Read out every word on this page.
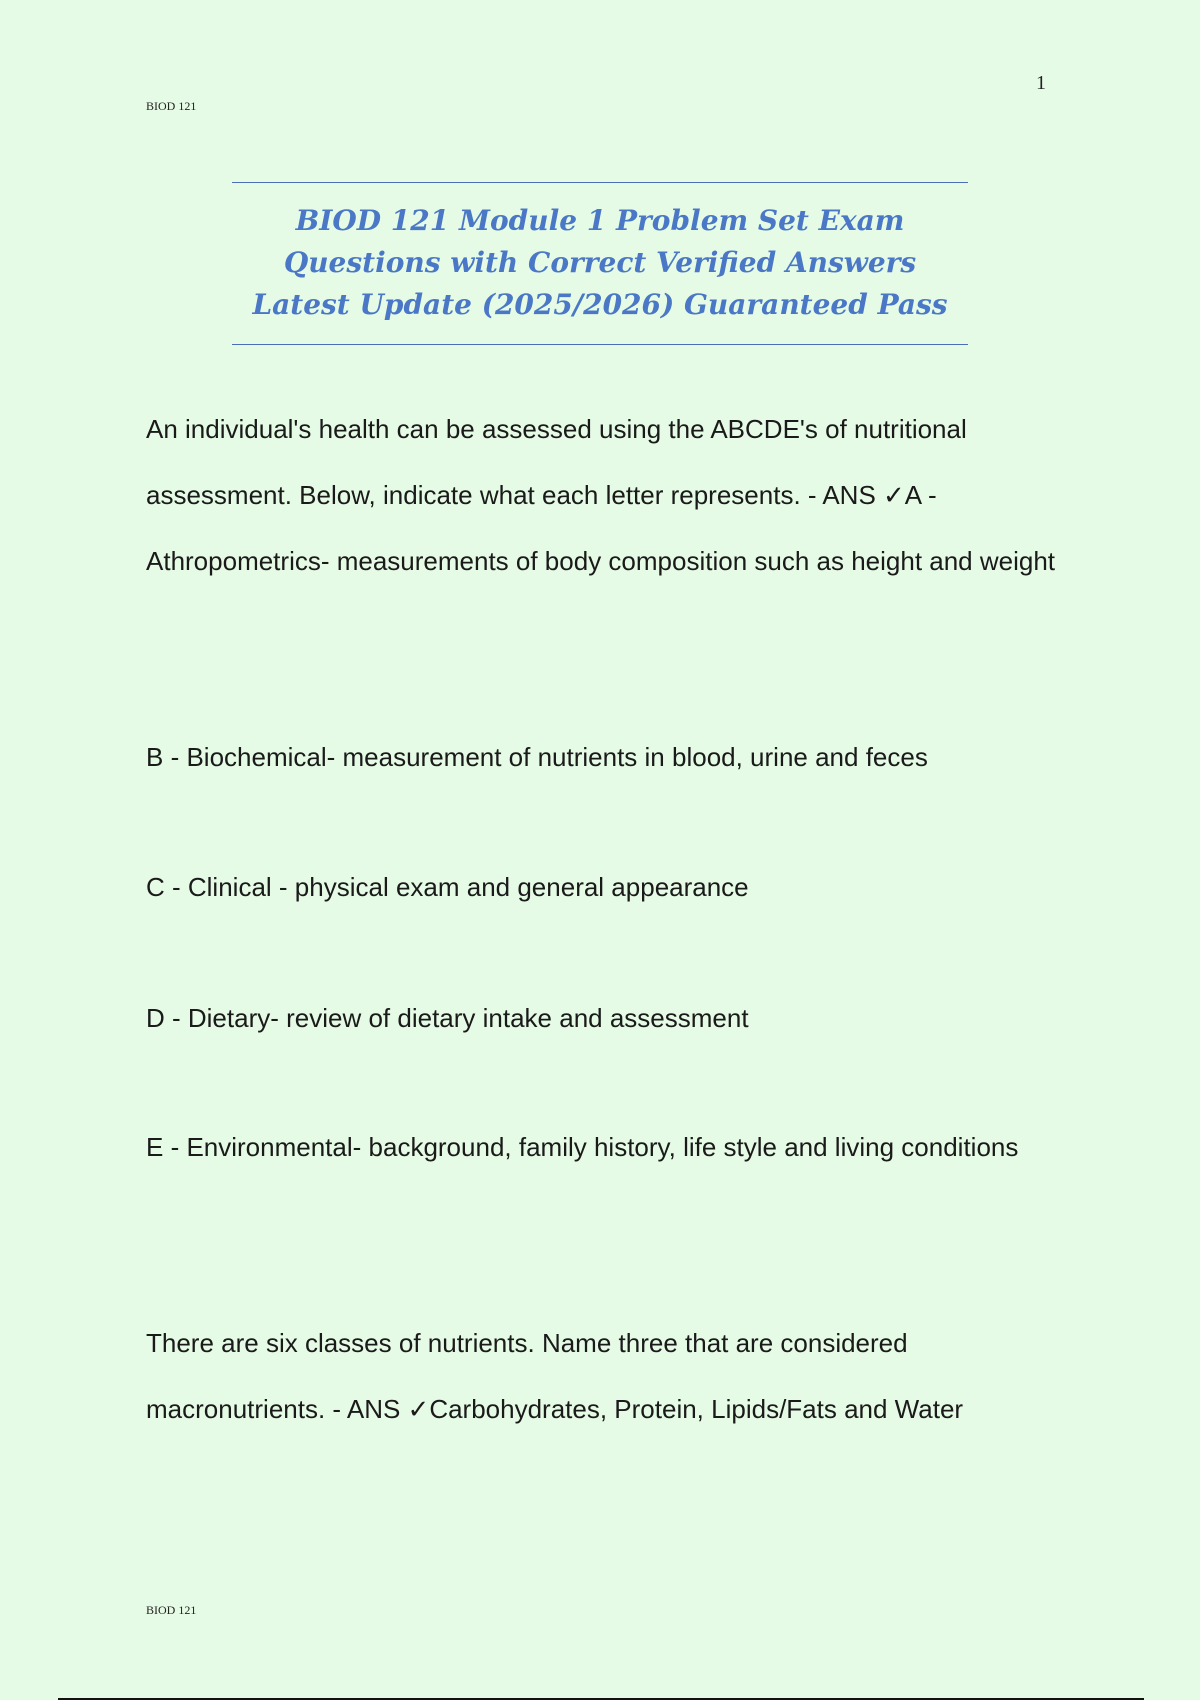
1
BIOD 121
BIOD 121 Module 1 Problem Set Exam Questions with Correct Verified Answers Latest Update (2025/2026) Guaranteed Pass

An individual's health can be assessed using the ABCDE's of nutritional assessment. Below, indicate what each letter represents. - ANS ✓A - Athropometrics- measurements of body composition such as height and weight

B - Biochemical- measurement of nutrients in blood, urine and feces

C - Clinical - physical exam and general appearance

D - Dietary- review of dietary intake and assessment

E - Environmental- background, family history, life style and living conditions

There are six classes of nutrients. Name three that are considered macronutrients. - ANS ✓Carbohydrates, Protein, Lipids/Fats and Water

BIOD 121
